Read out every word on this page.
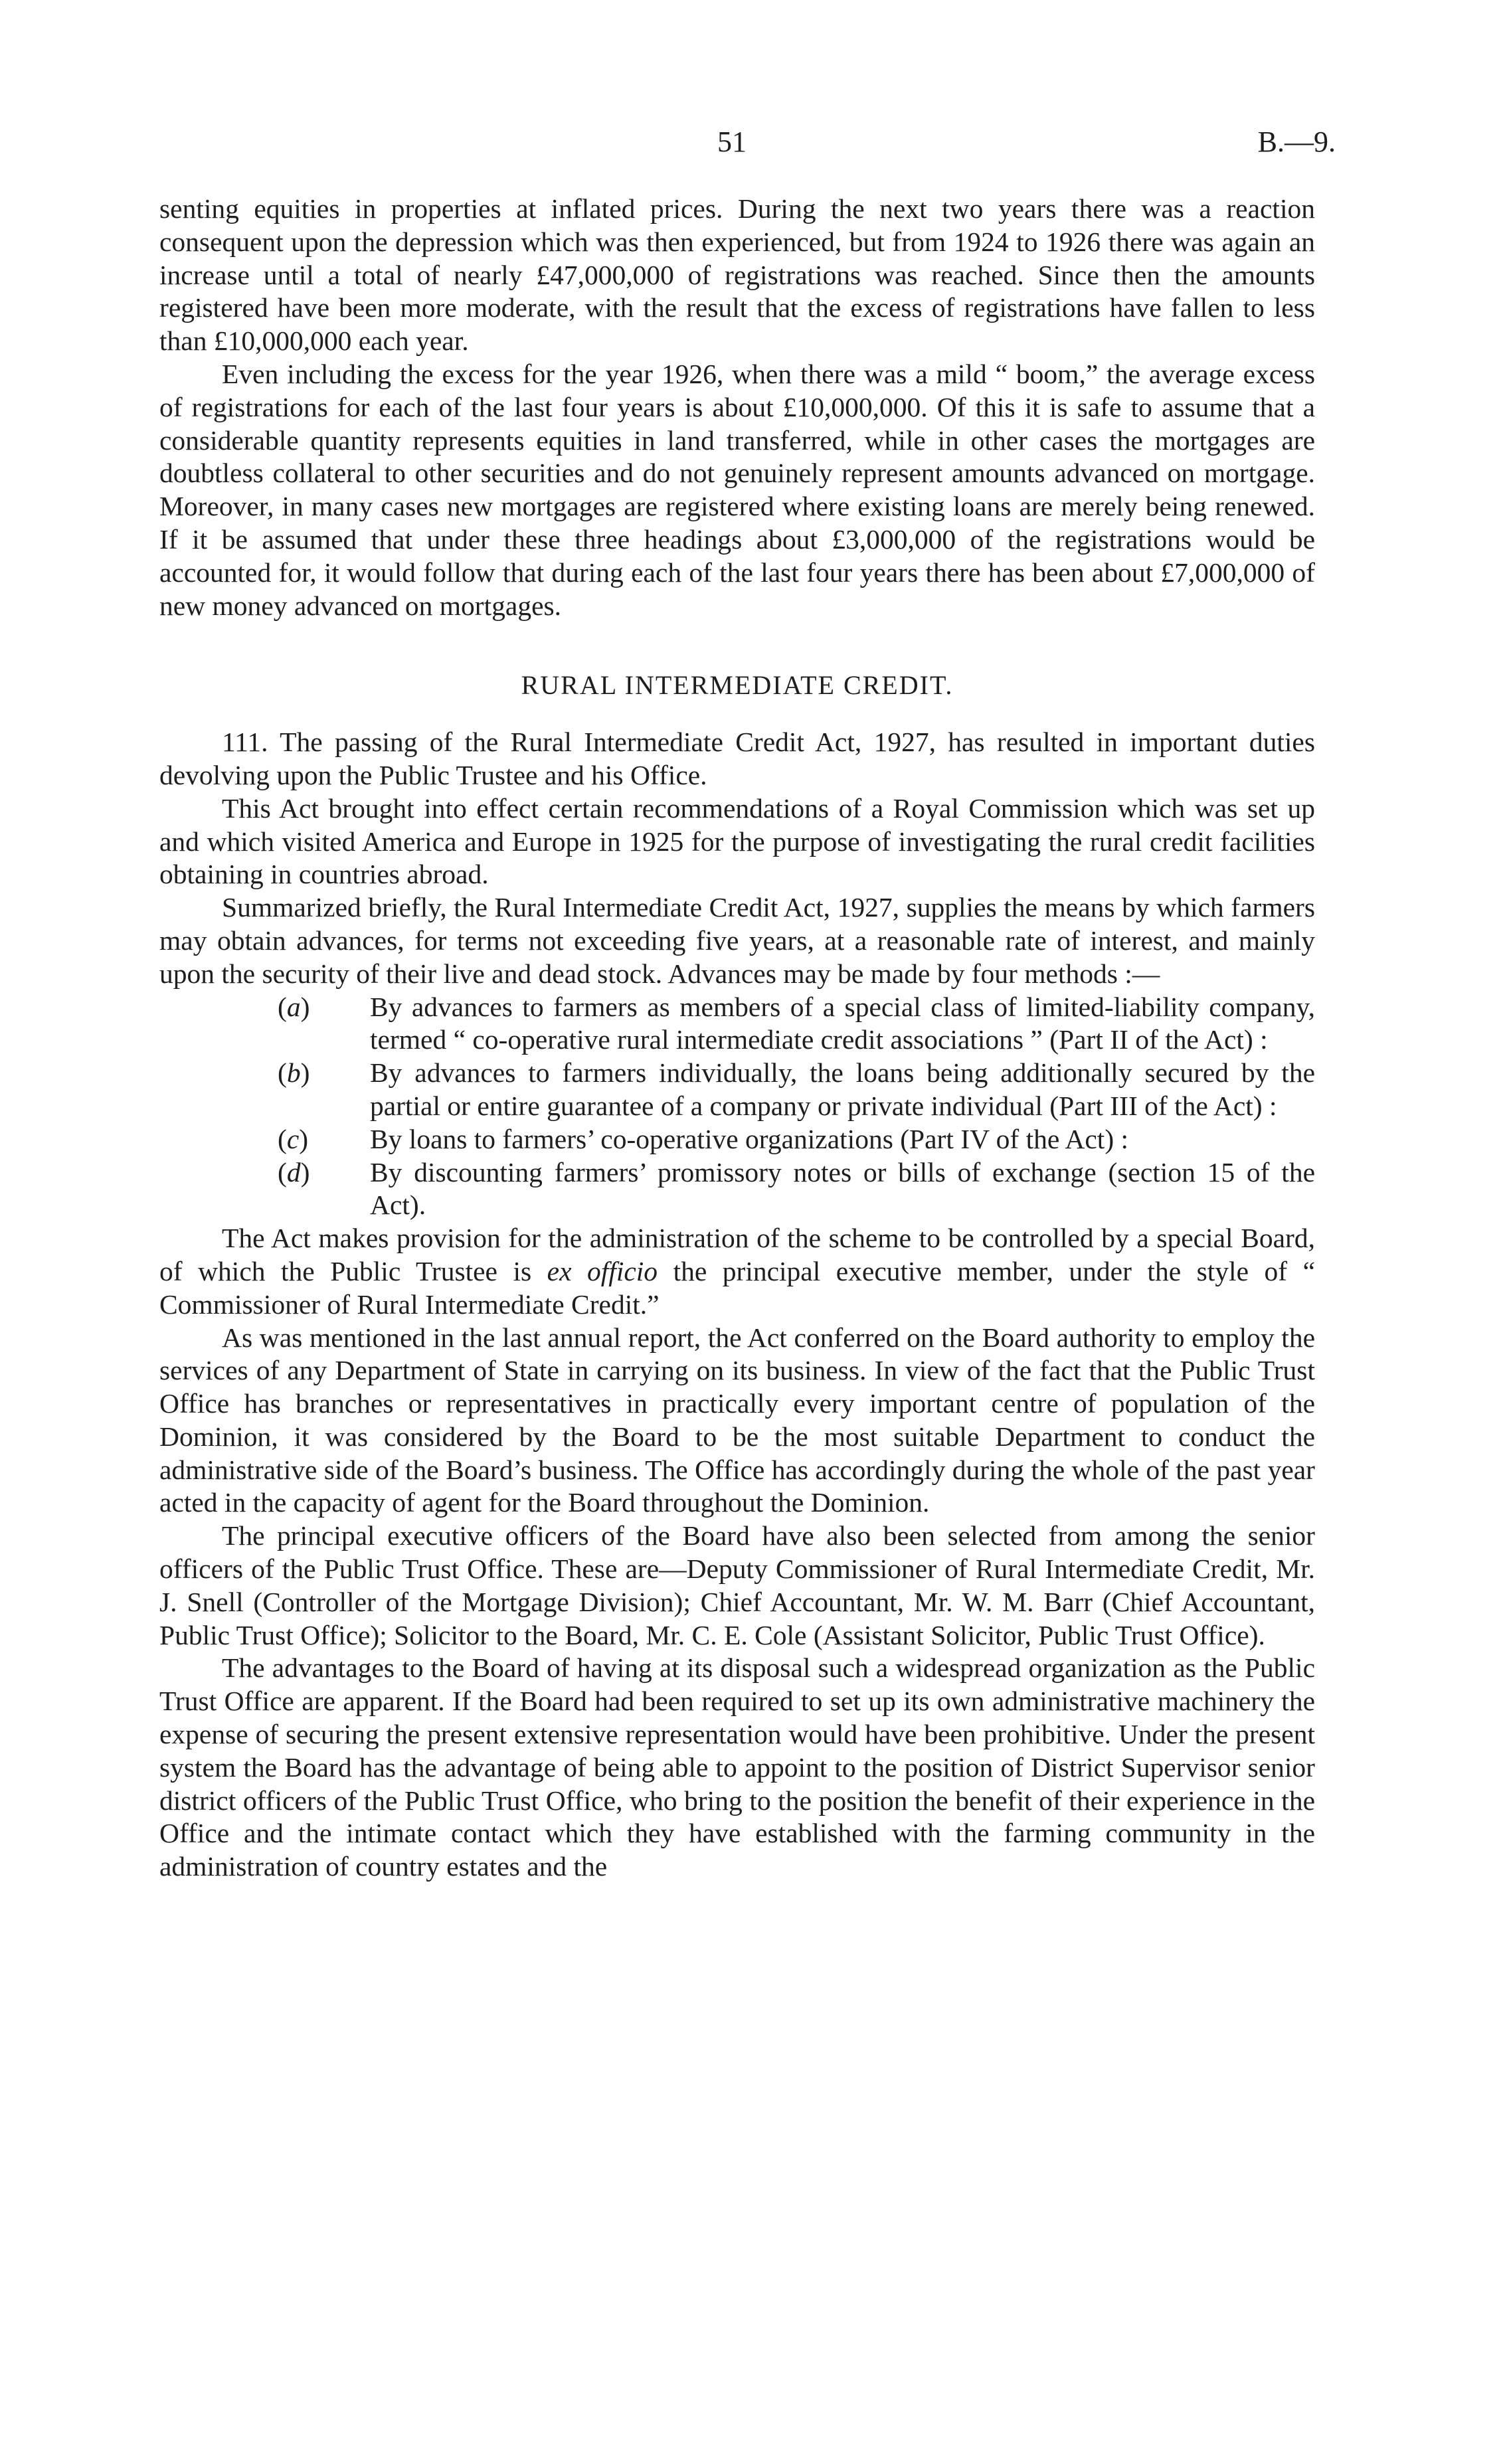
51	B.—9.

senting equities in properties at inflated prices. During the next two years there was a reaction consequent upon the depression which was then experienced, but from 1924 to 1926 there was again an increase until a total of nearly £47,000,000 of registrations was reached. Since then the amounts registered have been more moderate, with the result that the excess of registrations have fallen to less than £10,000,000 each year.

Even including the excess for the year 1926, when there was a mild “ boom,” the average excess of registrations for each of the last four years is about £10,000,000. Of this it is safe to assume that a considerable quantity represents equities in land transferred, while in other cases the mortgages are doubtless collateral to other securities and do not genuinely represent amounts advanced on mortgage. Moreover, in many cases new mortgages are registered where existing loans are merely being renewed. If it be assumed that under these three headings about £3,000,000 of the registrations would be accounted for, it would follow that during each of the last four years there has been about £7,000,000 of new money advanced on mortgages.

RURAL INTERMEDIATE CREDIT.

111. The passing of the Rural Intermediate Credit Act, 1927, has resulted in important duties devolving upon the Public Trustee and his Office.

This Act brought into effect certain recommendations of a Royal Commission which was set up and which visited America and Europe in 1925 for the purpose of investigating the rural credit facilities obtaining in countries abroad.

Summarized briefly, the Rural Intermediate Credit Act, 1927, supplies the means by which farmers may obtain advances, for terms not exceeding five years, at a reasonable rate of interest, and mainly upon the security of their live and dead stock. Advances may be made by four methods :—

(a) By advances to farmers as members of a special class of limited-liability company, termed “ co-operative rural intermediate credit associations ” (Part II of the Act) :
(b) By advances to farmers individually, the loans being additionally secured by the partial or entire guarantee of a company or private individual (Part III of the Act) :
(c) By loans to farmers’ co-operative organizations (Part IV of the Act) :
(d) By discounting farmers’ promissory notes or bills of exchange (section 15 of the Act).

The Act makes provision for the administration of the scheme to be controlled by a special Board, of which the Public Trustee is ex officio the principal executive member, under the style of “ Commissioner of Rural Intermediate Credit.”

As was mentioned in the last annual report, the Act conferred on the Board authority to employ the services of any Department of State in carrying on its business. In view of the fact that the Public Trust Office has branches or representatives in practically every important centre of population of the Dominion, it was considered by the Board to be the most suitable Department to conduct the administrative side of the Board’s business. The Office has accordingly during the whole of the past year acted in the capacity of agent for the Board throughout the Dominion.

The principal executive officers of the Board have also been selected from among the senior officers of the Public Trust Office. These are—Deputy Commissioner of Rural Intermediate Credit, Mr. J. Snell (Controller of the Mortgage Division); Chief Accountant, Mr. W. M. Barr (Chief Accountant, Public Trust Office); Solicitor to the Board, Mr. C. E. Cole (Assistant Solicitor, Public Trust Office).

The advantages to the Board of having at its disposal such a widespread organization as the Public Trust Office are apparent. If the Board had been required to set up its own administrative machinery the expense of securing the present extensive representation would have been prohibitive. Under the present system the Board has the advantage of being able to appoint to the position of District Supervisor senior district officers of the Public Trust Office, who bring to the position the benefit of their experience in the Office and the intimate contact which they have established with the farming community in the administration of country estates and the
